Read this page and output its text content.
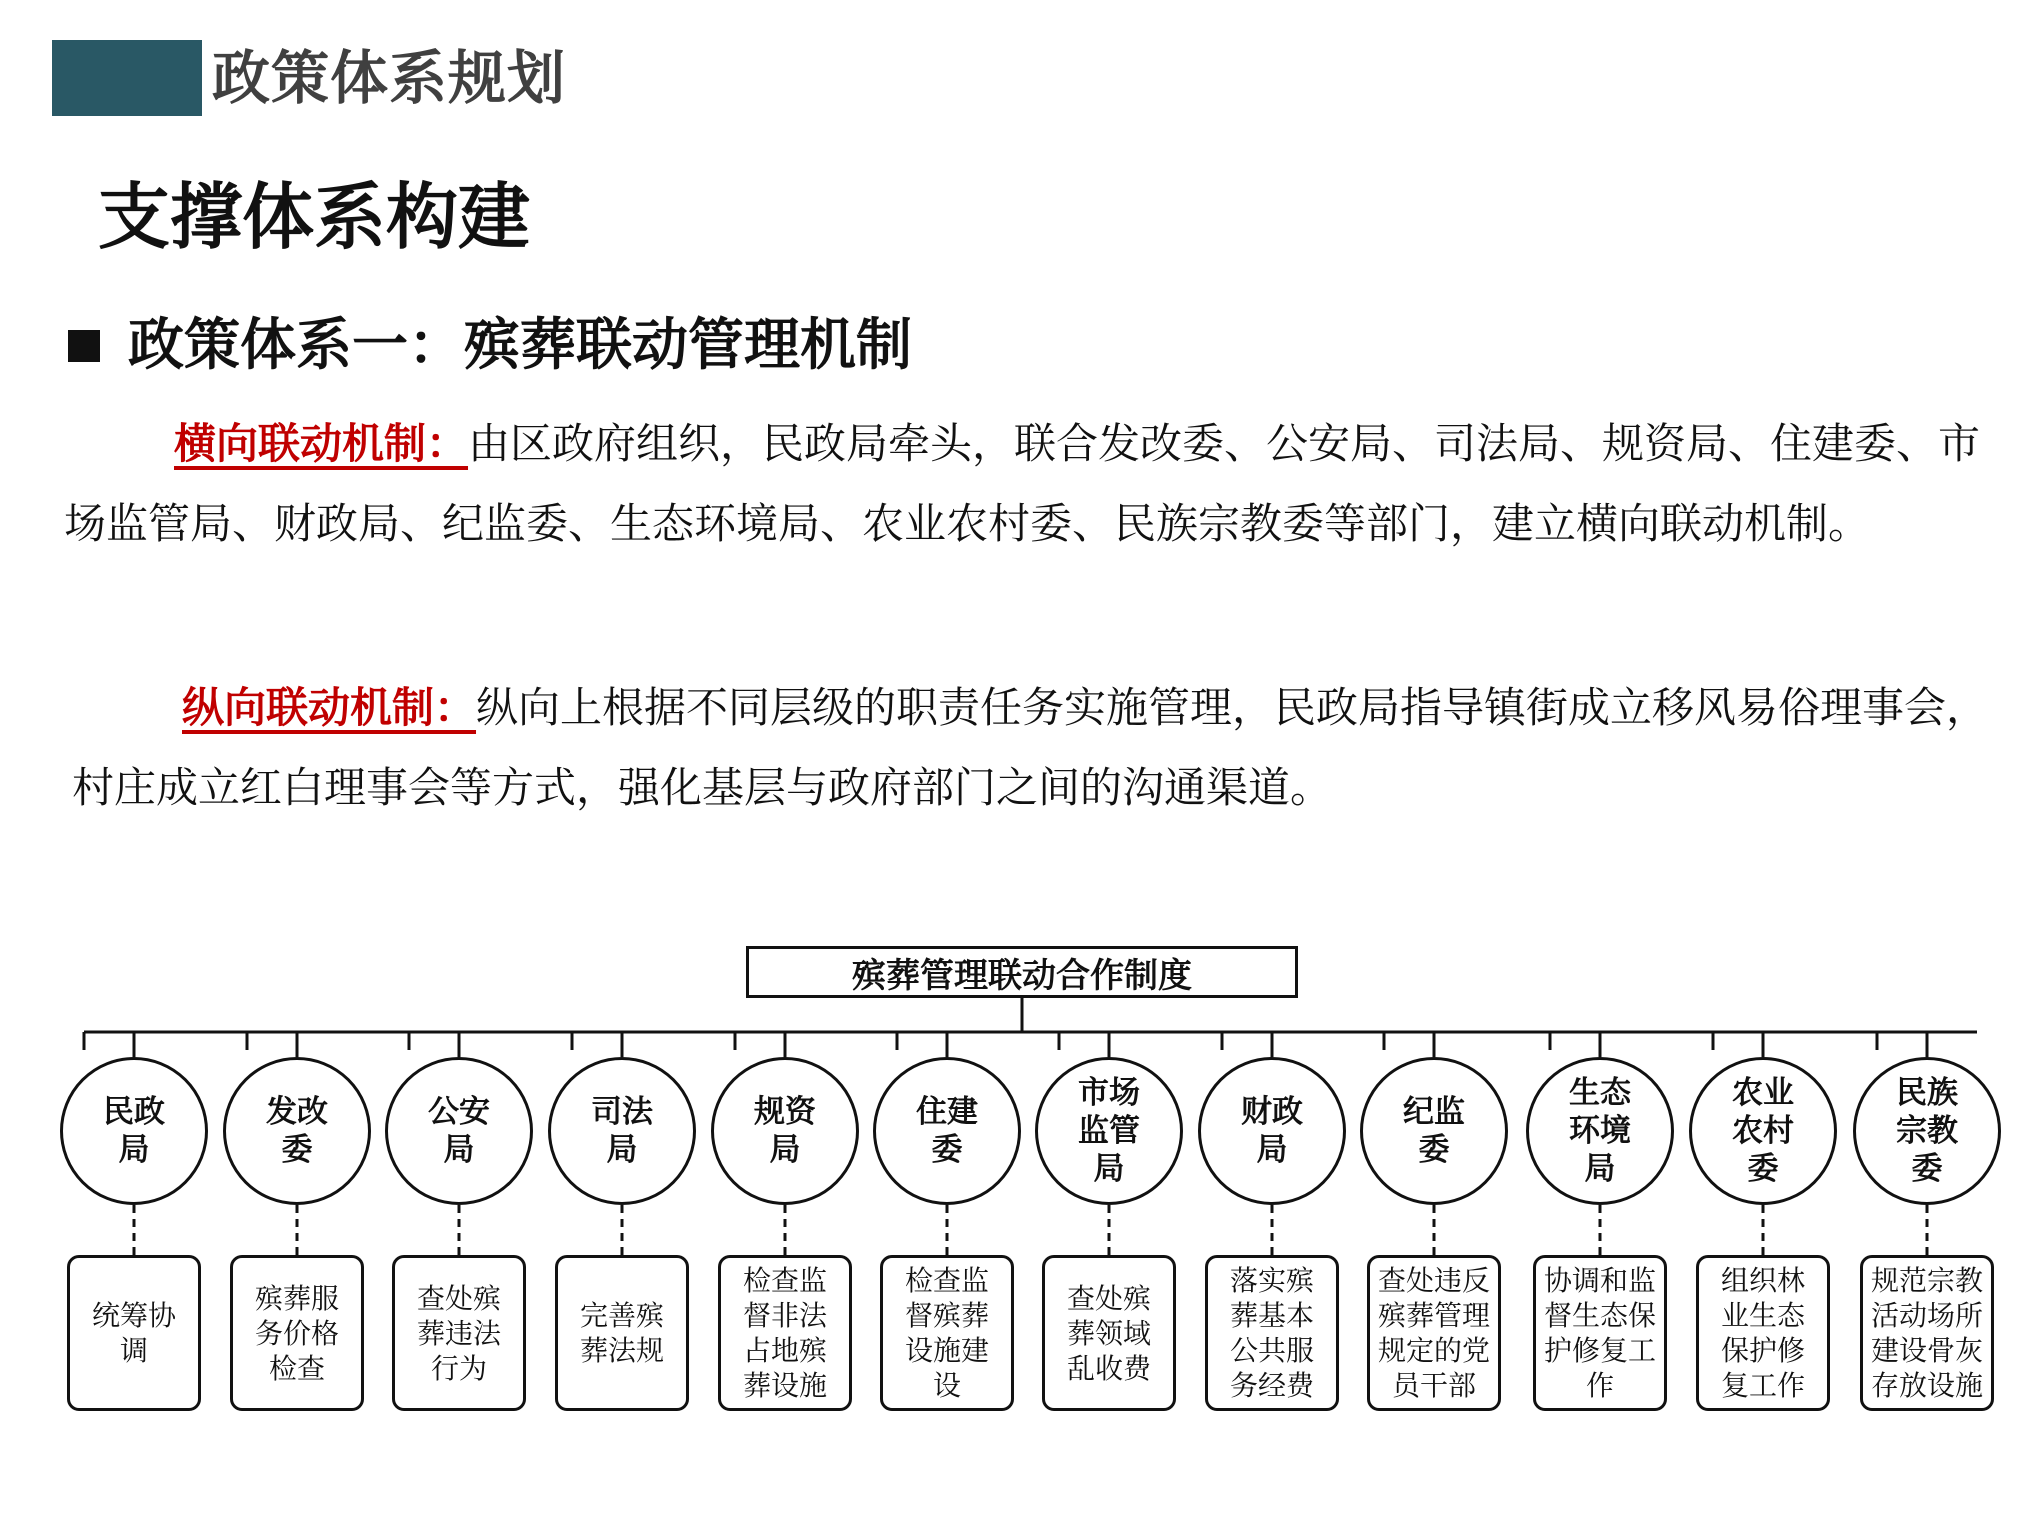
政策体系规划
支撑体系构建
政策体系一：殡葬联动管理机制
横向联动机制：由区政府组织，民政局牵头，联合发改委、公安局、司法局、规资局、住建委、市场监管局、财政局、纪监委、生态环境局、农业农村委、民族宗教委等部门，建立横向联动机制。
纵向联动机制：纵向上根据不同层级的职责任务实施管理，民政局指导镇街成立移风易俗理事会，村庄成立红白理事会等方式，强化基层与政府部门之间的沟通渠道。
殡葬管理联动合作制度
民政
局
统筹协
调
发改
委
殡葬服
务价格
检查
公安
局
查处殡
葬违法
行为
司法
局
完善殡
葬法规
规资
局
检查监
督非法
占地殡
葬设施
住建
委
检查监
督殡葬
设施建
设
市场
监管
局
查处殡
葬领域
乱收费
财政
局
落实殡
葬基本
公共服
务经费
纪监
委
查处违反
殡葬管理
规定的党
员干部
生态
环境
局
协调和监
督生态保
护修复工
作
农业
农村
委
组织林
业生态
保护修
复工作
民族
宗教
委
规范宗教
活动场所
建设骨灰
存放设施
